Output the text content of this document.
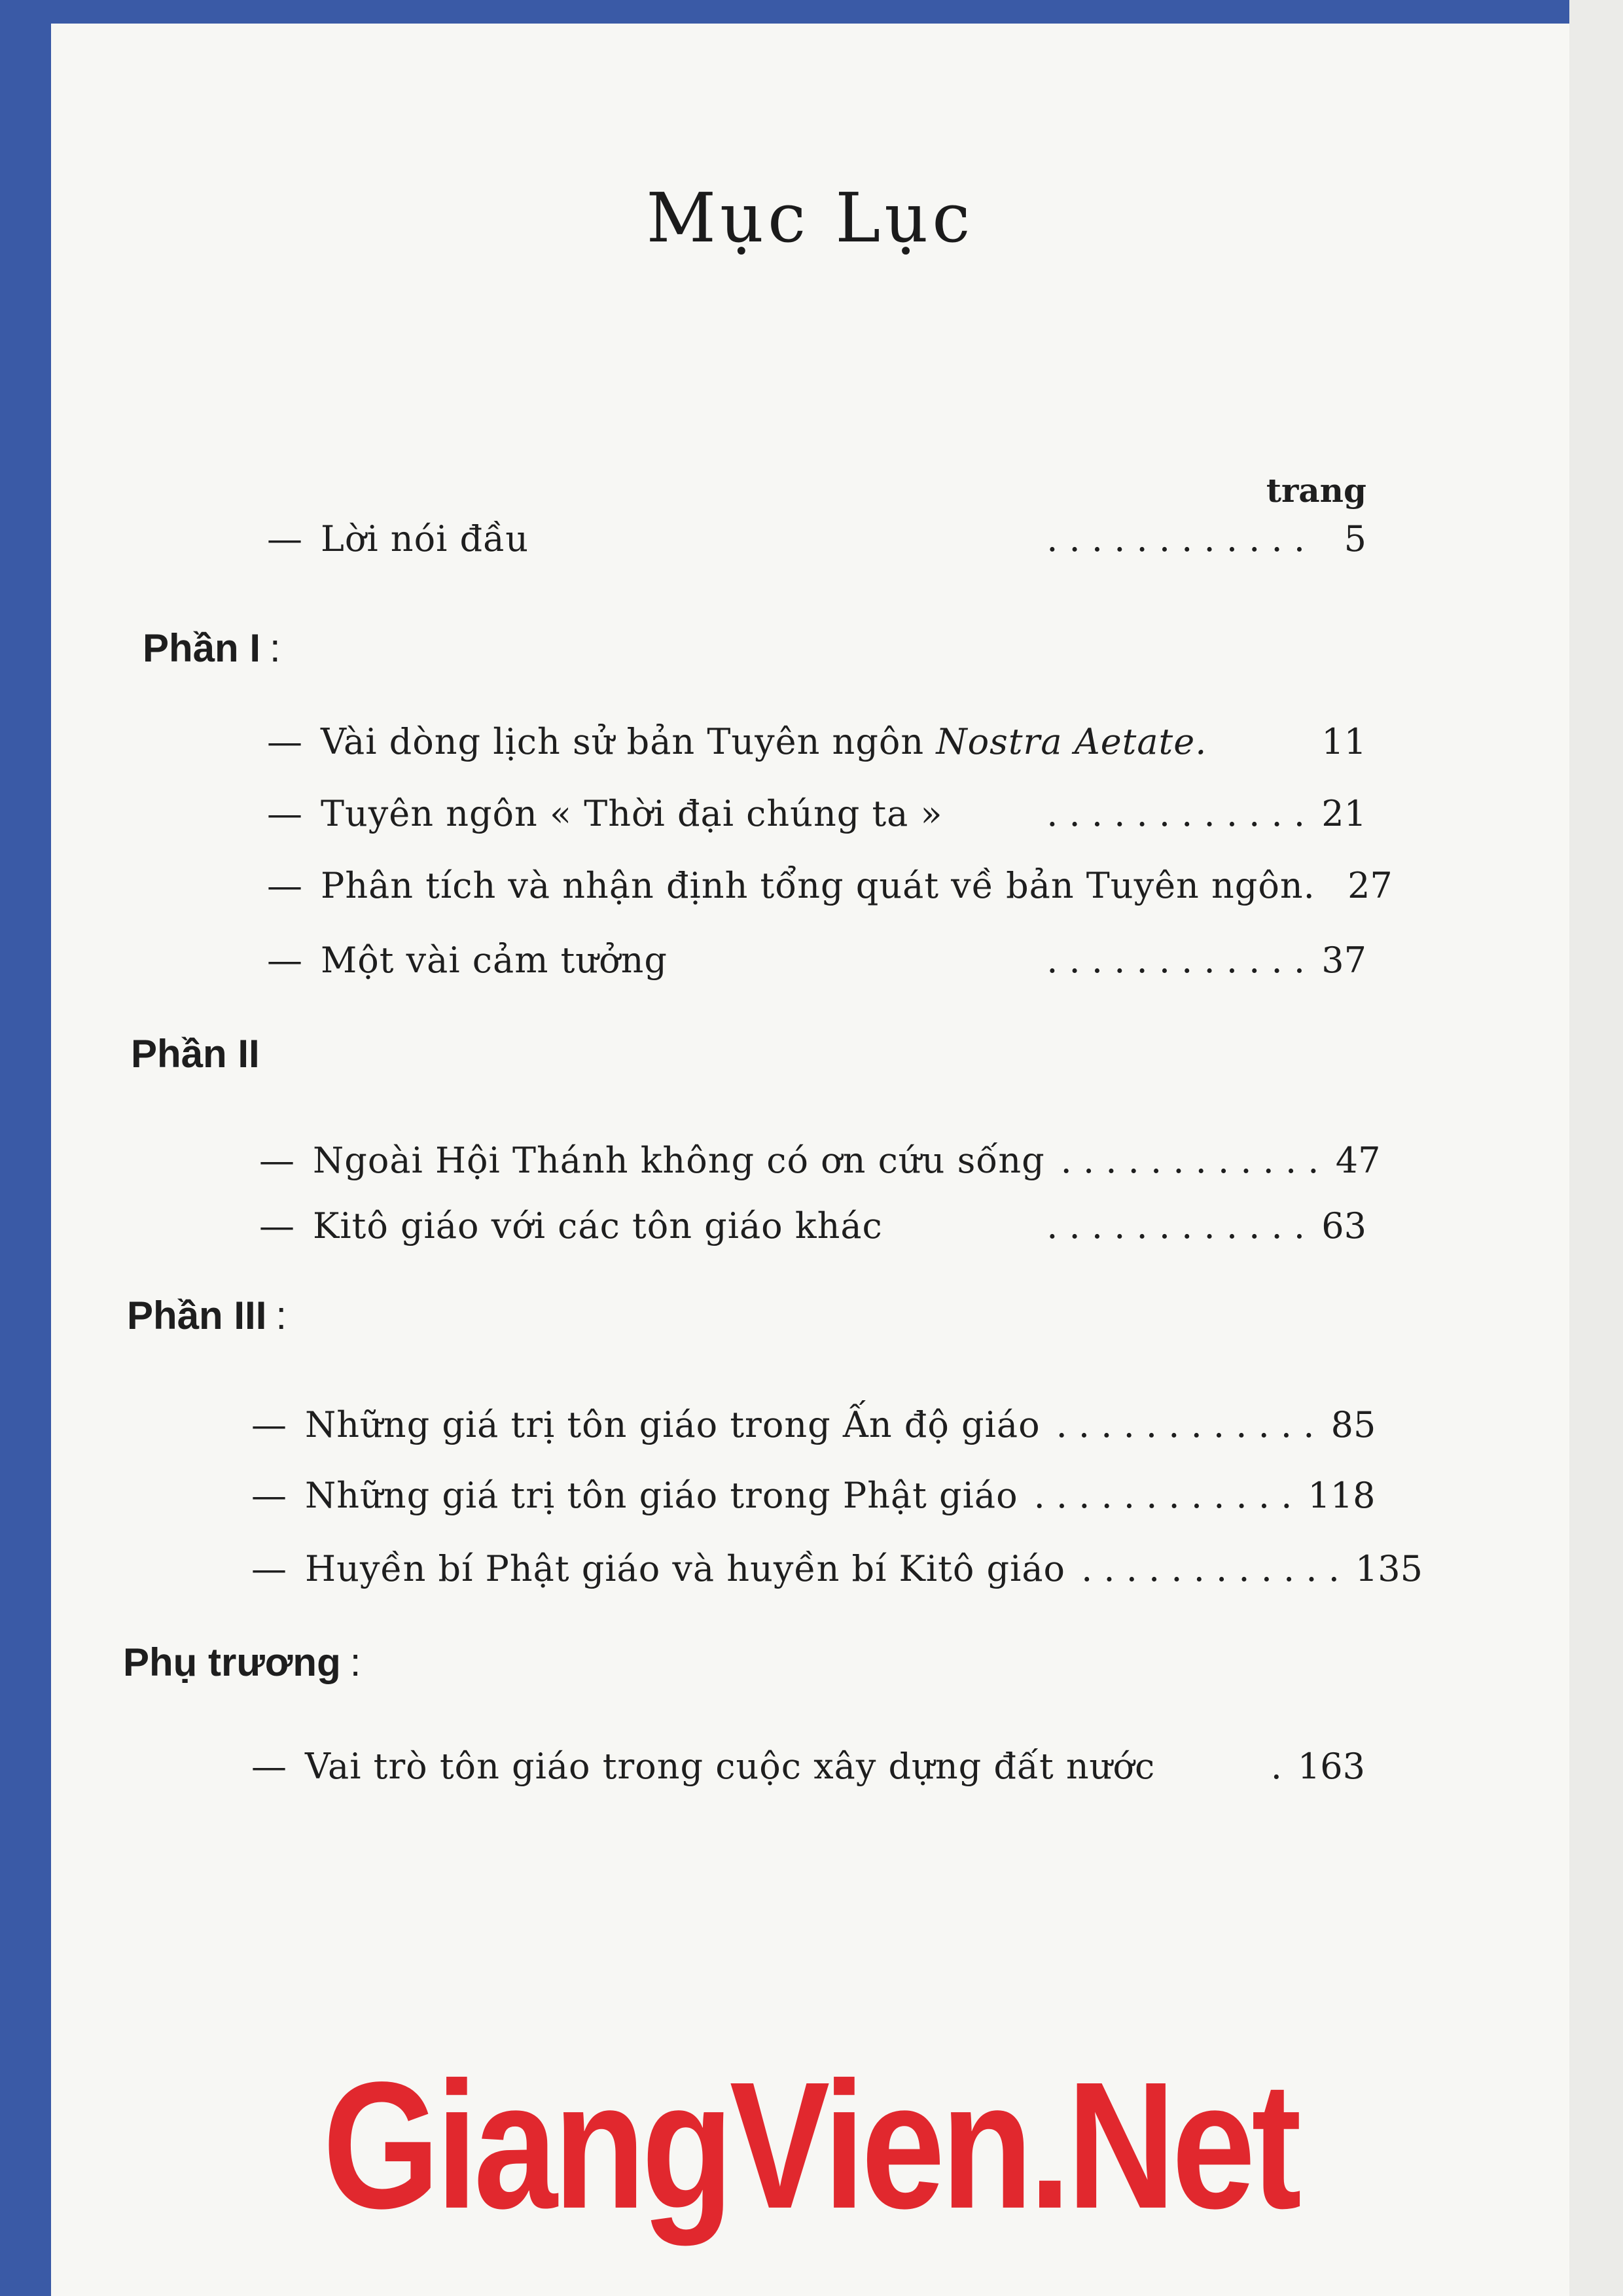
Mục Lục
trang
— Lời nói đầu	. . . . . . . . . . . .	5
Phần I :
— Vài dòng lịch sử bản Tuyên ngôn Nostra Aetate.	11
— Tuyên ngôn « Thời đại chúng ta »	. . . . . . . . . . . . 21
— Phân tích và nhận định tổng quát về bản Tuyên ngôn. 27
— Một vài cảm tưởng	. . . . . . . . . . . . 37
Phần II
— Ngoài Hội Thánh không có ơn cứu sống . . . . . . . . . . . . 47
— Kitô giáo với các tôn giáo khác	. . . . . . . . . . . . 63
Phần III :
— Những giá trị tôn giáo trong Ấn độ giáo . . . . . . . . . . . . 85
— Những giá trị tôn giáo trong Phật giáo . . . . . . . . . . . . 118
— Huyền bí Phật giáo và huyền bí Kitô giáo . . . . . . . . . . . . 135
Phụ trương :
— Vai trò tôn giáo trong cuộc xây dựng đất nước	. 163
GiangVien.Net
